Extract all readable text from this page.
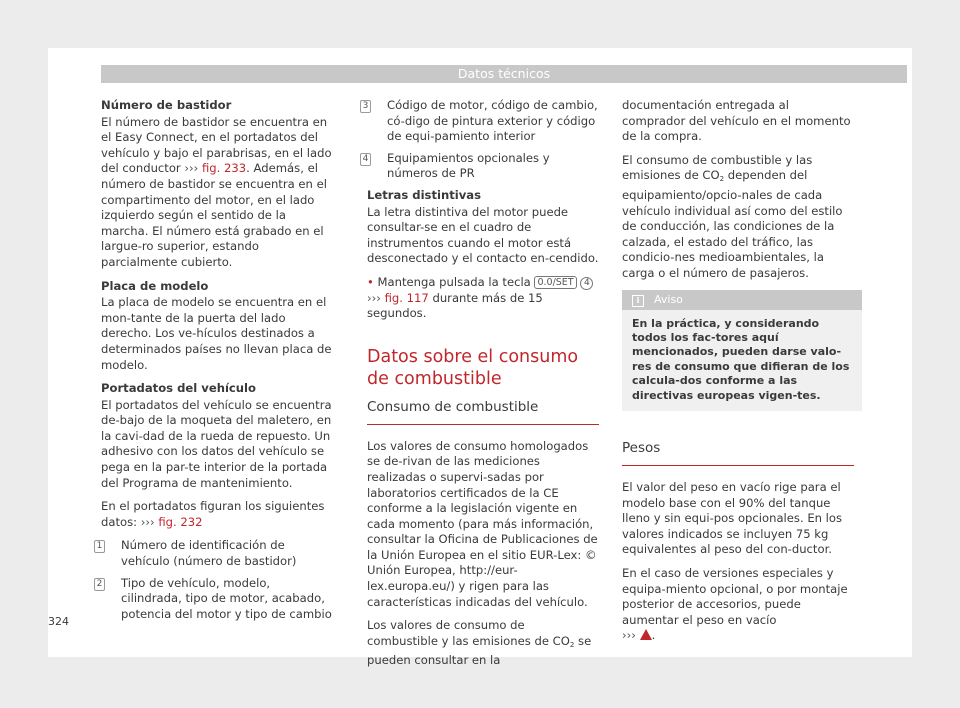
Datos técnicos

Número de bastidor

El número de bastidor se encuentra en el Easy Connect, en el portadatos del vehículo y bajo el parabrisas, en el lado del conductor ››› fig. 233. Además, el número de bastidor se encuentra en el compartimento del motor, en el lado izquierdo según el sentido de la marcha. El número está grabado en el largue-ro superior, estando parcialmente cubierto.

Placa de modelo

La placa de modelo se encuentra en el mon-tante de la puerta del lado derecho. Los ve-hículos destinados a determinados países no llevan placa de modelo.

Portadatos del vehículo

El portadatos del vehículo se encuentra de-bajo de la moqueta del maletero, en la cavi-dad de la rueda de repuesto. Un adhesivo con los datos del vehículo se pega en la par-te interior de la portada del Programa de mantenimiento.

En el portadatos figuran los siguientes datos: ››› fig. 232

1 Número de identificación de vehículo (número de bastidor)
2 Tipo de vehículo, modelo, cilindrada, tipo de motor, acabado, potencia del motor y tipo de cambio
3 Código de motor, código de cambio, có-digo de pintura exterior y código de equi-pamiento interior
4 Equipamientos opcionales y números de PR

Letras distintivas

La letra distintiva del motor puede consultar-se en el cuadro de instrumentos cuando el motor está desconectado y el contacto en-cendido.

• Mantenga pulsada la tecla 0.0/SET 4
››› fig. 117 durante más de 15 segundos.

Datos sobre el consumo de combustible
Consumo de combustible

Los valores de consumo homologados se de-rivan de las mediciones realizadas o supervi-sadas por laboratorios certificados de la CE conforme a la legislación vigente en cada momento (para más información, consultar la Oficina de Publicaciones de la Unión Europea en el sitio EUR-Lex: © Unión Europea, http://eur-lex.europa.eu/) y rigen para las características indicadas del vehículo.

Los valores de consumo de combustible y las emisiones de CO2 se pueden consultar en la

documentación entregada al comprador del vehículo en el momento de la compra.

El consumo de combustible y las emisiones de CO2 dependen del equipamiento/opcio-nales de cada vehículo individual así como del estilo de conducción, las condiciones de la calzada, el estado del tráfico, las condicio-nes medioambientales, la carga o el número de pasajeros.

i Aviso
En la práctica, y considerando todos los fac-tores aquí mencionados, pueden darse valo-res de consumo que difieran de los calcula-dos conforme a las directivas europeas vigen-tes.
Pesos

El valor del peso en vacío rige para el modelo base con el 90% del tanque lleno y sin equi-pos opcionales. En los valores indicados se incluyen 75 kg equivalentes al peso del con-ductor.

En el caso de versiones especiales y equipa-miento opcional, o por montaje posterior de accesorios, puede aumentar el peso en vacío
››› .

324
